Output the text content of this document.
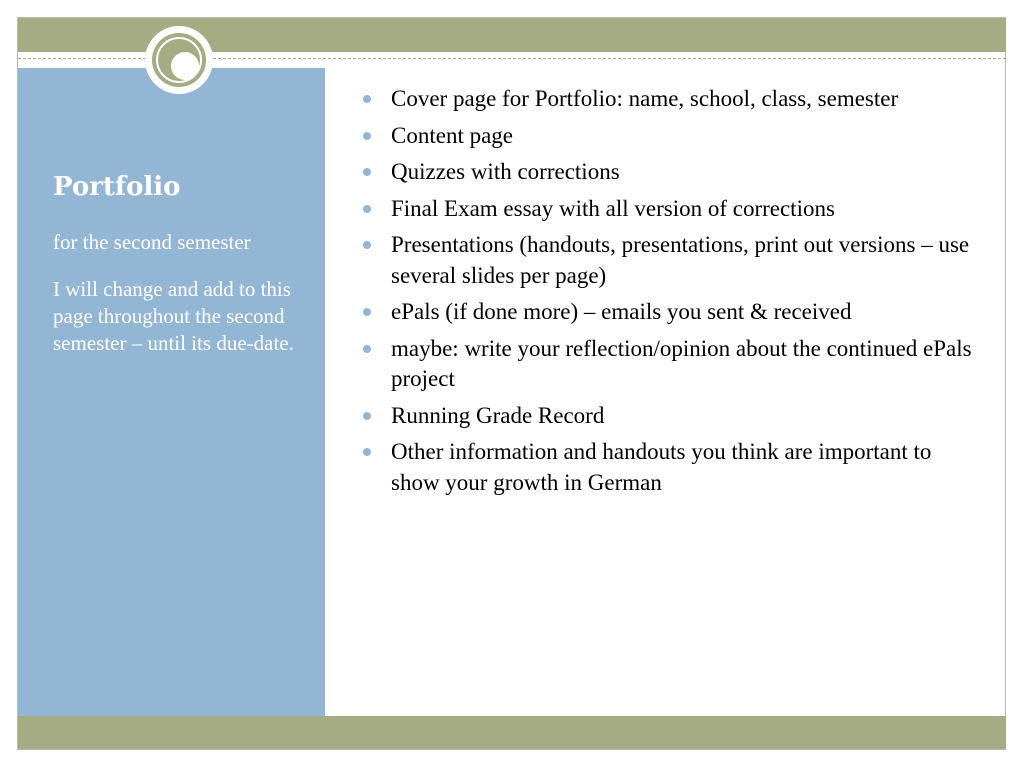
Portfolio

for the second semester

I will change and add to this page throughout the second semester – until its due-date.

Cover page for Portfolio: name, school, class, semester
Content page
Quizzes with corrections
Final Exam essay with all version of corrections
Presentations (handouts, presentations, print out versions – use several slides per page)
ePals (if done more) – emails you sent & received
maybe: write your reflection/opinion about the continued ePals project
Running Grade Record
Other information and handouts you think are important to show your growth in German
